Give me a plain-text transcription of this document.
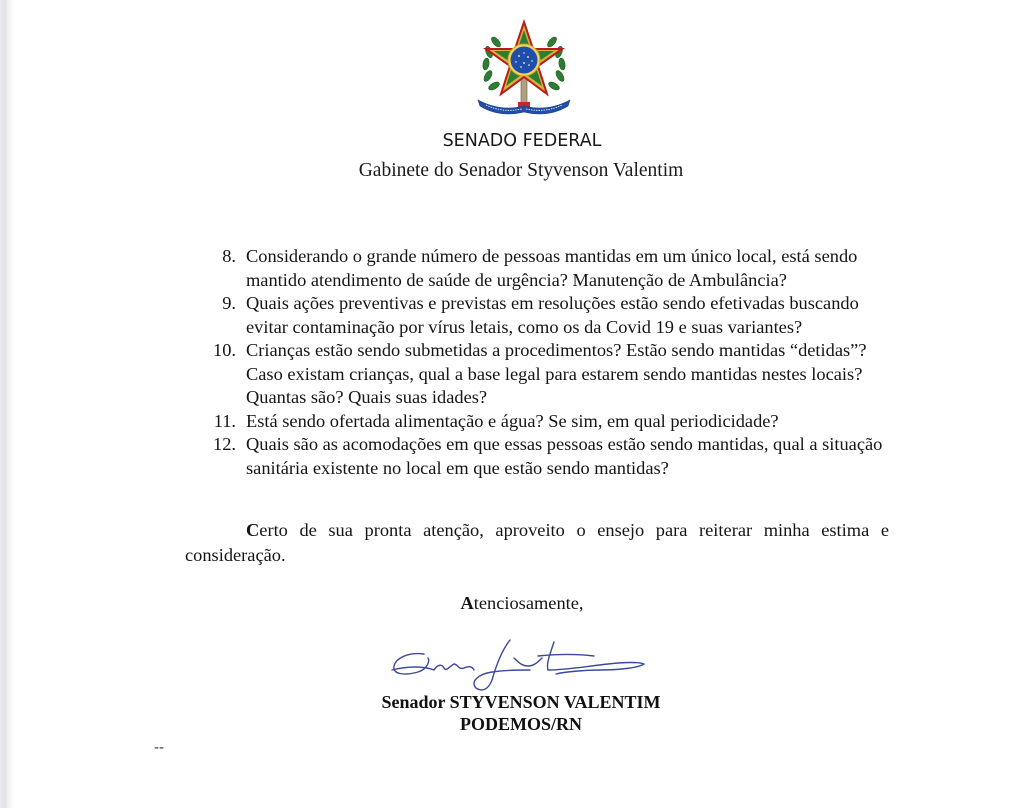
SENADO FEDERAL
Gabinete do Senador Styvenson Valentim
8. Considerando o grande número de pessoas mantidas em um único local, está sendo
mantido atendimento de saúde de urgência? Manutenção de Ambulância?
9. Quais ações preventivas e previstas em resoluções estão sendo efetivadas buscando
evitar contaminação por vírus letais, como os da Covid 19 e suas variantes?
10. Crianças estão sendo submetidas a procedimentos? Estão sendo mantidas “detidas”?
Caso existam crianças, qual a base legal para estarem sendo mantidas nestes locais?
Quantas são? Quais suas idades?
11. Está sendo ofertada alimentação e água? Se sim, em qual periodicidade?
12. Quais são as acomodações em que essas pessoas estão sendo mantidas, qual a situação
sanitária existente no local em que estão sendo mantidas?
Certo de sua pronta atenção, aproveito o ensejo para reiterar minha estima e consideração.
Atenciosamente,
Senador STYVENSON VALENTIM
PODEMOS/RN
--
